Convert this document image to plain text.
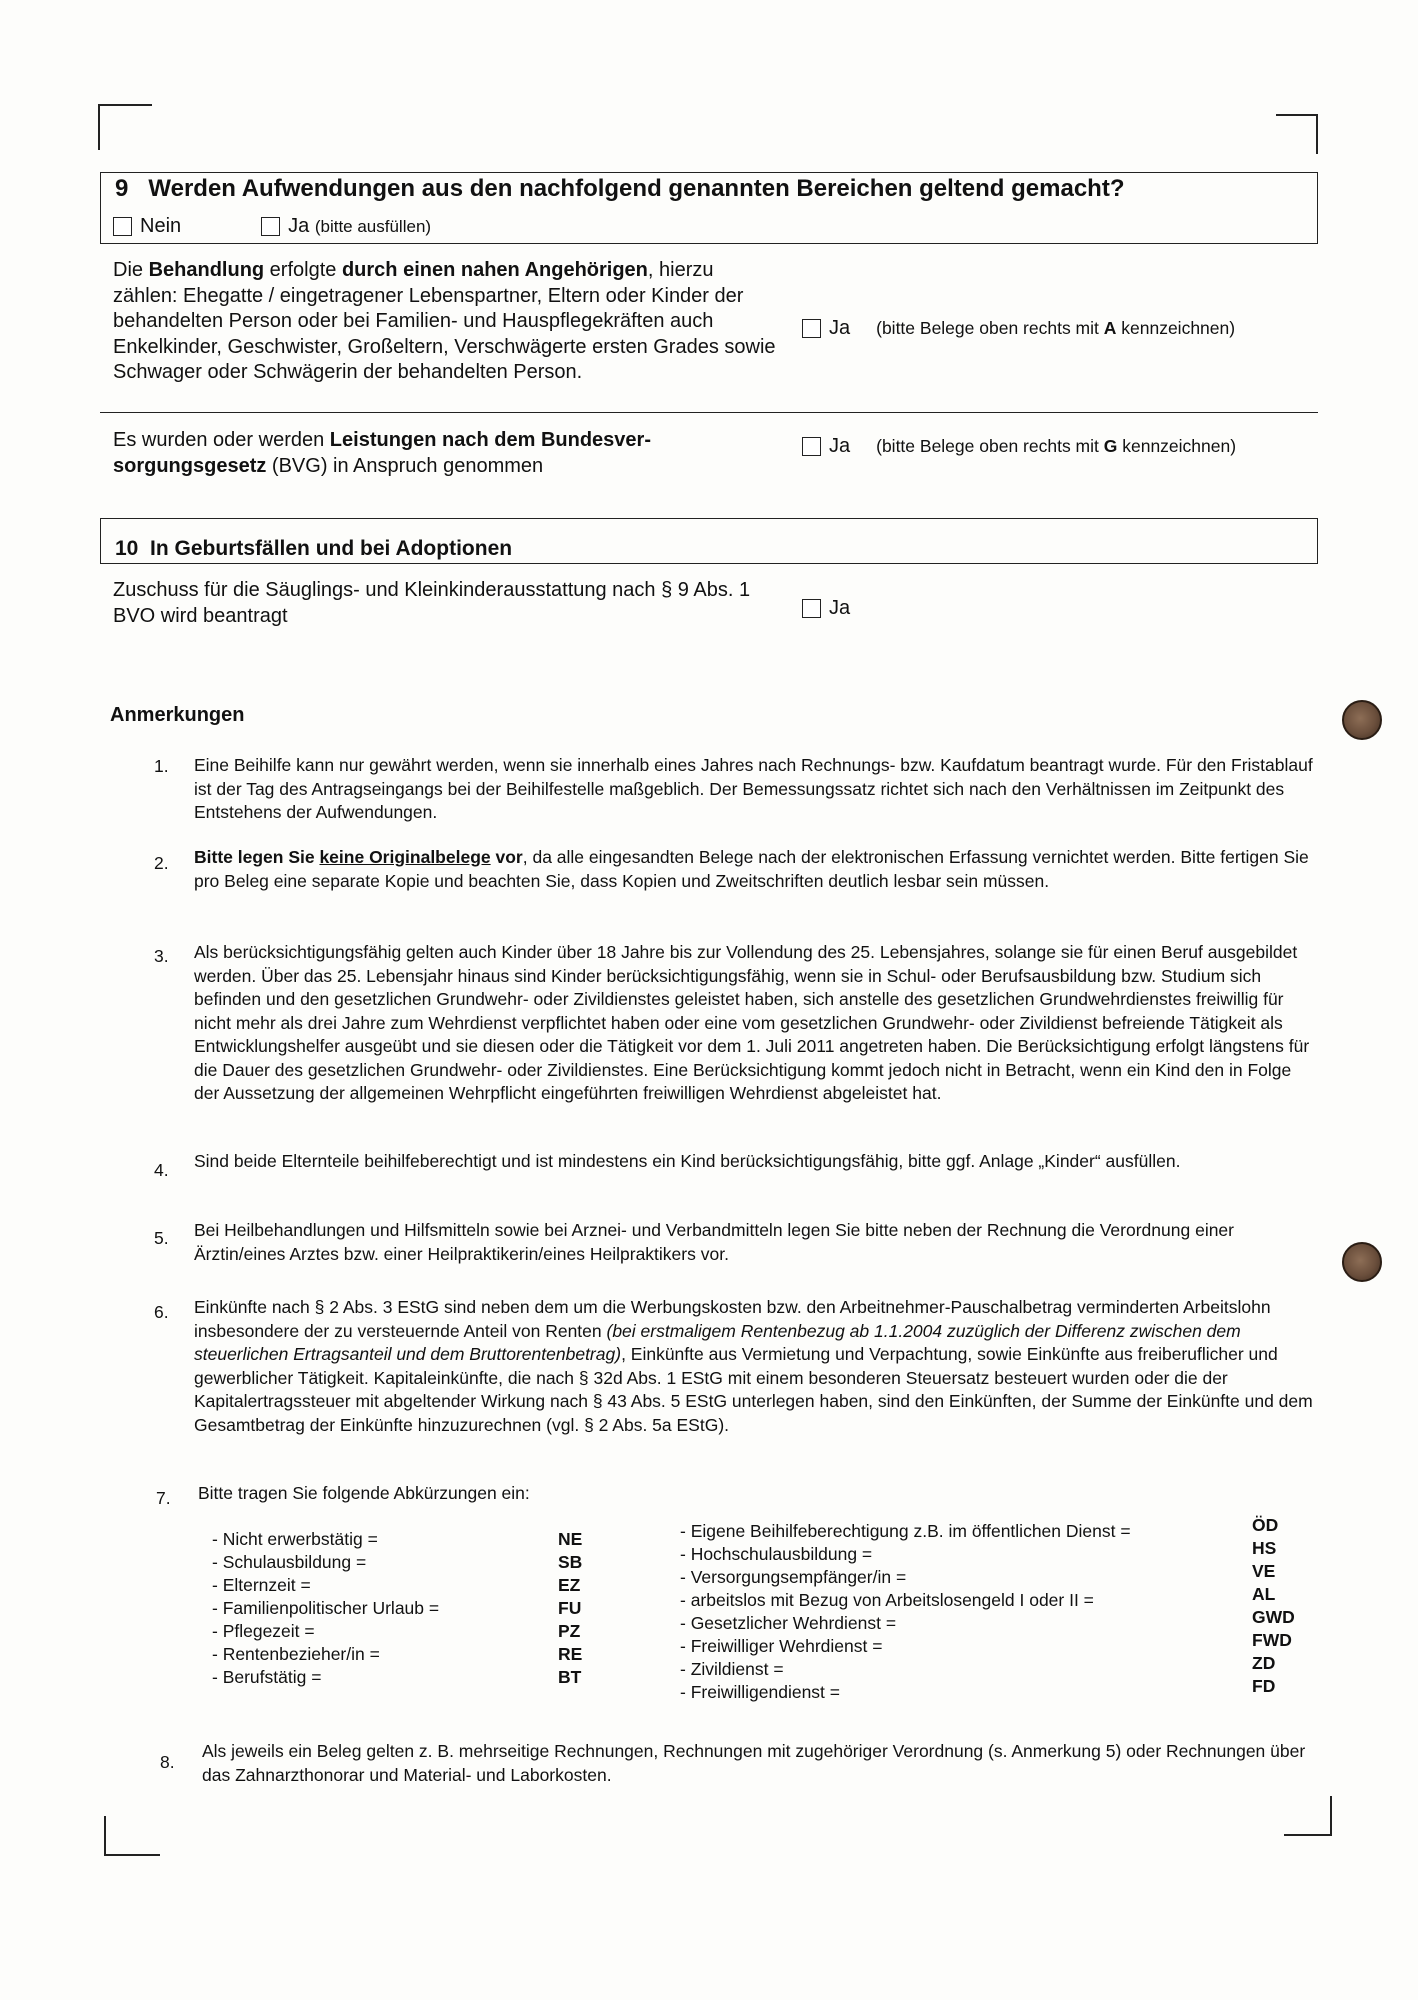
9 Werden Aufwendungen aus den nachfolgend genannten Bereichen geltend gemacht?
Nein	Ja
(bitte ausfüllen)
Die Behandlung erfolgte durch einen nahen Angehörigen, hierzu zählen: Ehegatte / eingetragener Lebenspartner, Eltern oder Kinder der behandelten Person oder bei Familien- und Hauspflegekräften auch Enkelkinder, Geschwister, Großeltern, Verschwägerte ersten Grades sowie Schwager oder Schwägerin der behandelten Person.
Ja (bitte Belege oben rechts mit A kennzeichnen)
Es wurden oder werden Leistungen nach dem Bundesversorgungsgesetz (BVG) in Anspruch genommen
Ja (bitte Belege oben rechts mit G kennzeichnen)
10 In Geburtsfällen und bei Adoptionen
Zuschuss für die Säuglings- und Kleinkinderausstattung nach § 9 Abs. 1 BVO wird beantragt	Ja
Anmerkungen
1. Eine Beihilfe kann nur gewährt werden, wenn sie innerhalb eines Jahres nach Rechnungs- bzw. Kaufdatum beantragt wurde. Für den Fristablauf ist der Tag des Antragseingangs bei der Beihilfestelle maßgeblich. Der Bemessungssatz richtet sich nach den Verhältnissen im Zeitpunkt des Entstehens der Aufwendungen.
2. Bitte legen Sie keine Originalbelege vor, da alle eingesandten Belege nach der elektronischen Erfassung vernichtet werden. Bitte fertigen Sie pro Beleg eine separate Kopie und beachten Sie, dass Kopien und Zweitschriften deutlich lesbar sein müssen.
3. Als berücksichtigungsfähig gelten auch Kinder über 18 Jahre bis zur Vollendung des 25. Lebensjahres, solange sie für einen Beruf ausgebildet werden. Über das 25. Lebensjahr hinaus sind Kinder berücksichtigungsfähig, wenn sie in Schul- oder Berufsausbildung bzw. Studium sich befinden und den gesetzlichen Grundwehr- oder Zivildienstes geleistet haben, sich anstelle des gesetzlichen Grundwehrdienstes freiwillig für nicht mehr als drei Jahre zum Wehrdienst verpflichtet haben oder eine vom gesetzlichen Grundwehr- oder Zivildienst befreiende Tätigkeit als Entwicklungshelfer ausgeübt und sie diesen oder die Tätigkeit vor dem 1. Juli 2011 angetreten haben. Die Berücksichtigung erfolgt längstens für die Dauer des gesetzlichen Grundwehr- oder Zivildienstes. Eine Berücksichtigung kommt jedoch nicht in Betracht, wenn ein Kind den in Folge der Aussetzung der allgemeinen Wehrpflicht eingeführten freiwilligen Wehrdienst abgeleistet hat.
4. Sind beide Elternteile beihilfeberechtigt und ist mindestens ein Kind berücksichtigungsfähig, bitte ggf. Anlage „Kinder“ ausfüllen.
5. Bei Heilbehandlungen und Hilfsmitteln sowie bei Arznei- und Verbandmitteln legen Sie bitte neben der Rechnung die Verordnung einer Ärztin/eines Arztes bzw. einer Heilpraktikerin/eines Heilpraktikers vor.
6. Einkünfte nach § 2 Abs. 3 EStG sind neben dem um die Werbungskosten bzw. den Arbeitnehmer-Pauschalbetrag verminderten Arbeitslohn insbesondere der zu versteuernde Anteil von Renten (bei erstmaligem Rentenbezug ab 1.1.2004 zuzüglich der Differenz zwischen dem steuerlichen Ertragsanteil und dem Bruttorentenbetrag), Einkünfte aus Vermietung und Verpachtung, sowie Einkünfte aus freiberuflicher und gewerblicher Tätigkeit. Kapitaleinkünfte, die nach § 32d Abs. 1 EStG mit einem besonderen Steuersatz besteuert wurden oder die der Kapitalertragssteuer mit abgeltender Wirkung nach § 43 Abs. 5 EStG unterlegen haben, sind den Einkünften, der Summe der Einkünfte und dem Gesamtbetrag der Einkünfte hinzuzurechnen (vgl. § 2 Abs. 5a EStG).
7. Bitte tragen Sie folgende Abkürzungen ein:
- Nicht erwerbstätig =
- Schulausbildung =
- Elternzeit =
- Familienpolitischer Urlaub =
- Pflegezeit =
- Rentenbezieher/in =
- Berufstätig =
NE
SB
EZ
FU
PZ
RE
BT
- Eigene Beihilfeberechtigung z.B. im öffentlichen Dienst =
- Hochschulausbildung =
- Versorgungsempfänger/in =
- arbeitslos mit Bezug von Arbeitslosengeld I oder II =
- Gesetzlicher Wehrdienst =
- Freiwilliger Wehrdienst =
- Zivildienst =
- Freiwilligendienst =
ÖD
HS
VE
AL
GWD
FWD
ZD
FD
8.
Als jeweils ein Beleg gelten z. B. mehrseitige Rechnungen, Rechnungen mit zugehöriger Verordnung (s. Anmerkung 5) oder Rechnungen über das Zahnarzthonorar und Material- und Laborkosten.
